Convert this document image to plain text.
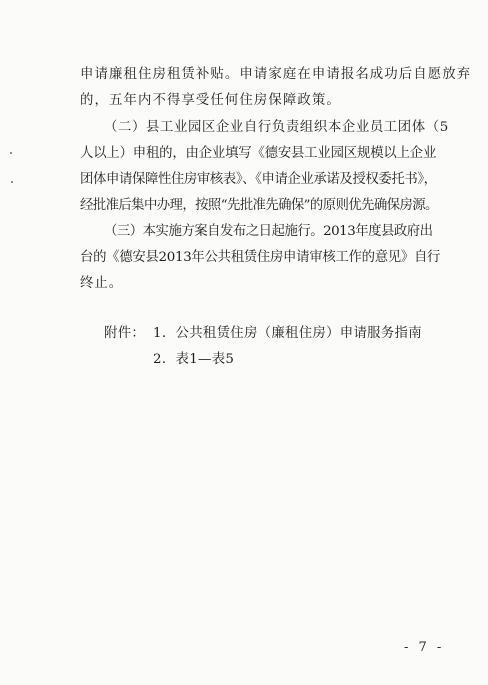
申请廉租住房租赁补贴。申请家庭在申请报名成功后自愿放弃
的，五年内不得享受任何住房保障政策。
（二）县工业园区企业自行负责组织本企业员工团体（5
人以上）申租的，由企业填写《德安县工业园区规模以上企业
团体申请保障性住房审核表》、《申请企业承诺及授权委托书》，
经批准后集中办理，按照“先批准先确保”的原则优先确保房源。
（三）本实施方案自发布之日起施行。2013年度县政府出
台的《德安县2013年公共租赁住房申请审核工作的意见》自行
终止。
附件： 1．公共租赁住房（廉租住房）申请服务指南
2．表1—表5
- 7 -
